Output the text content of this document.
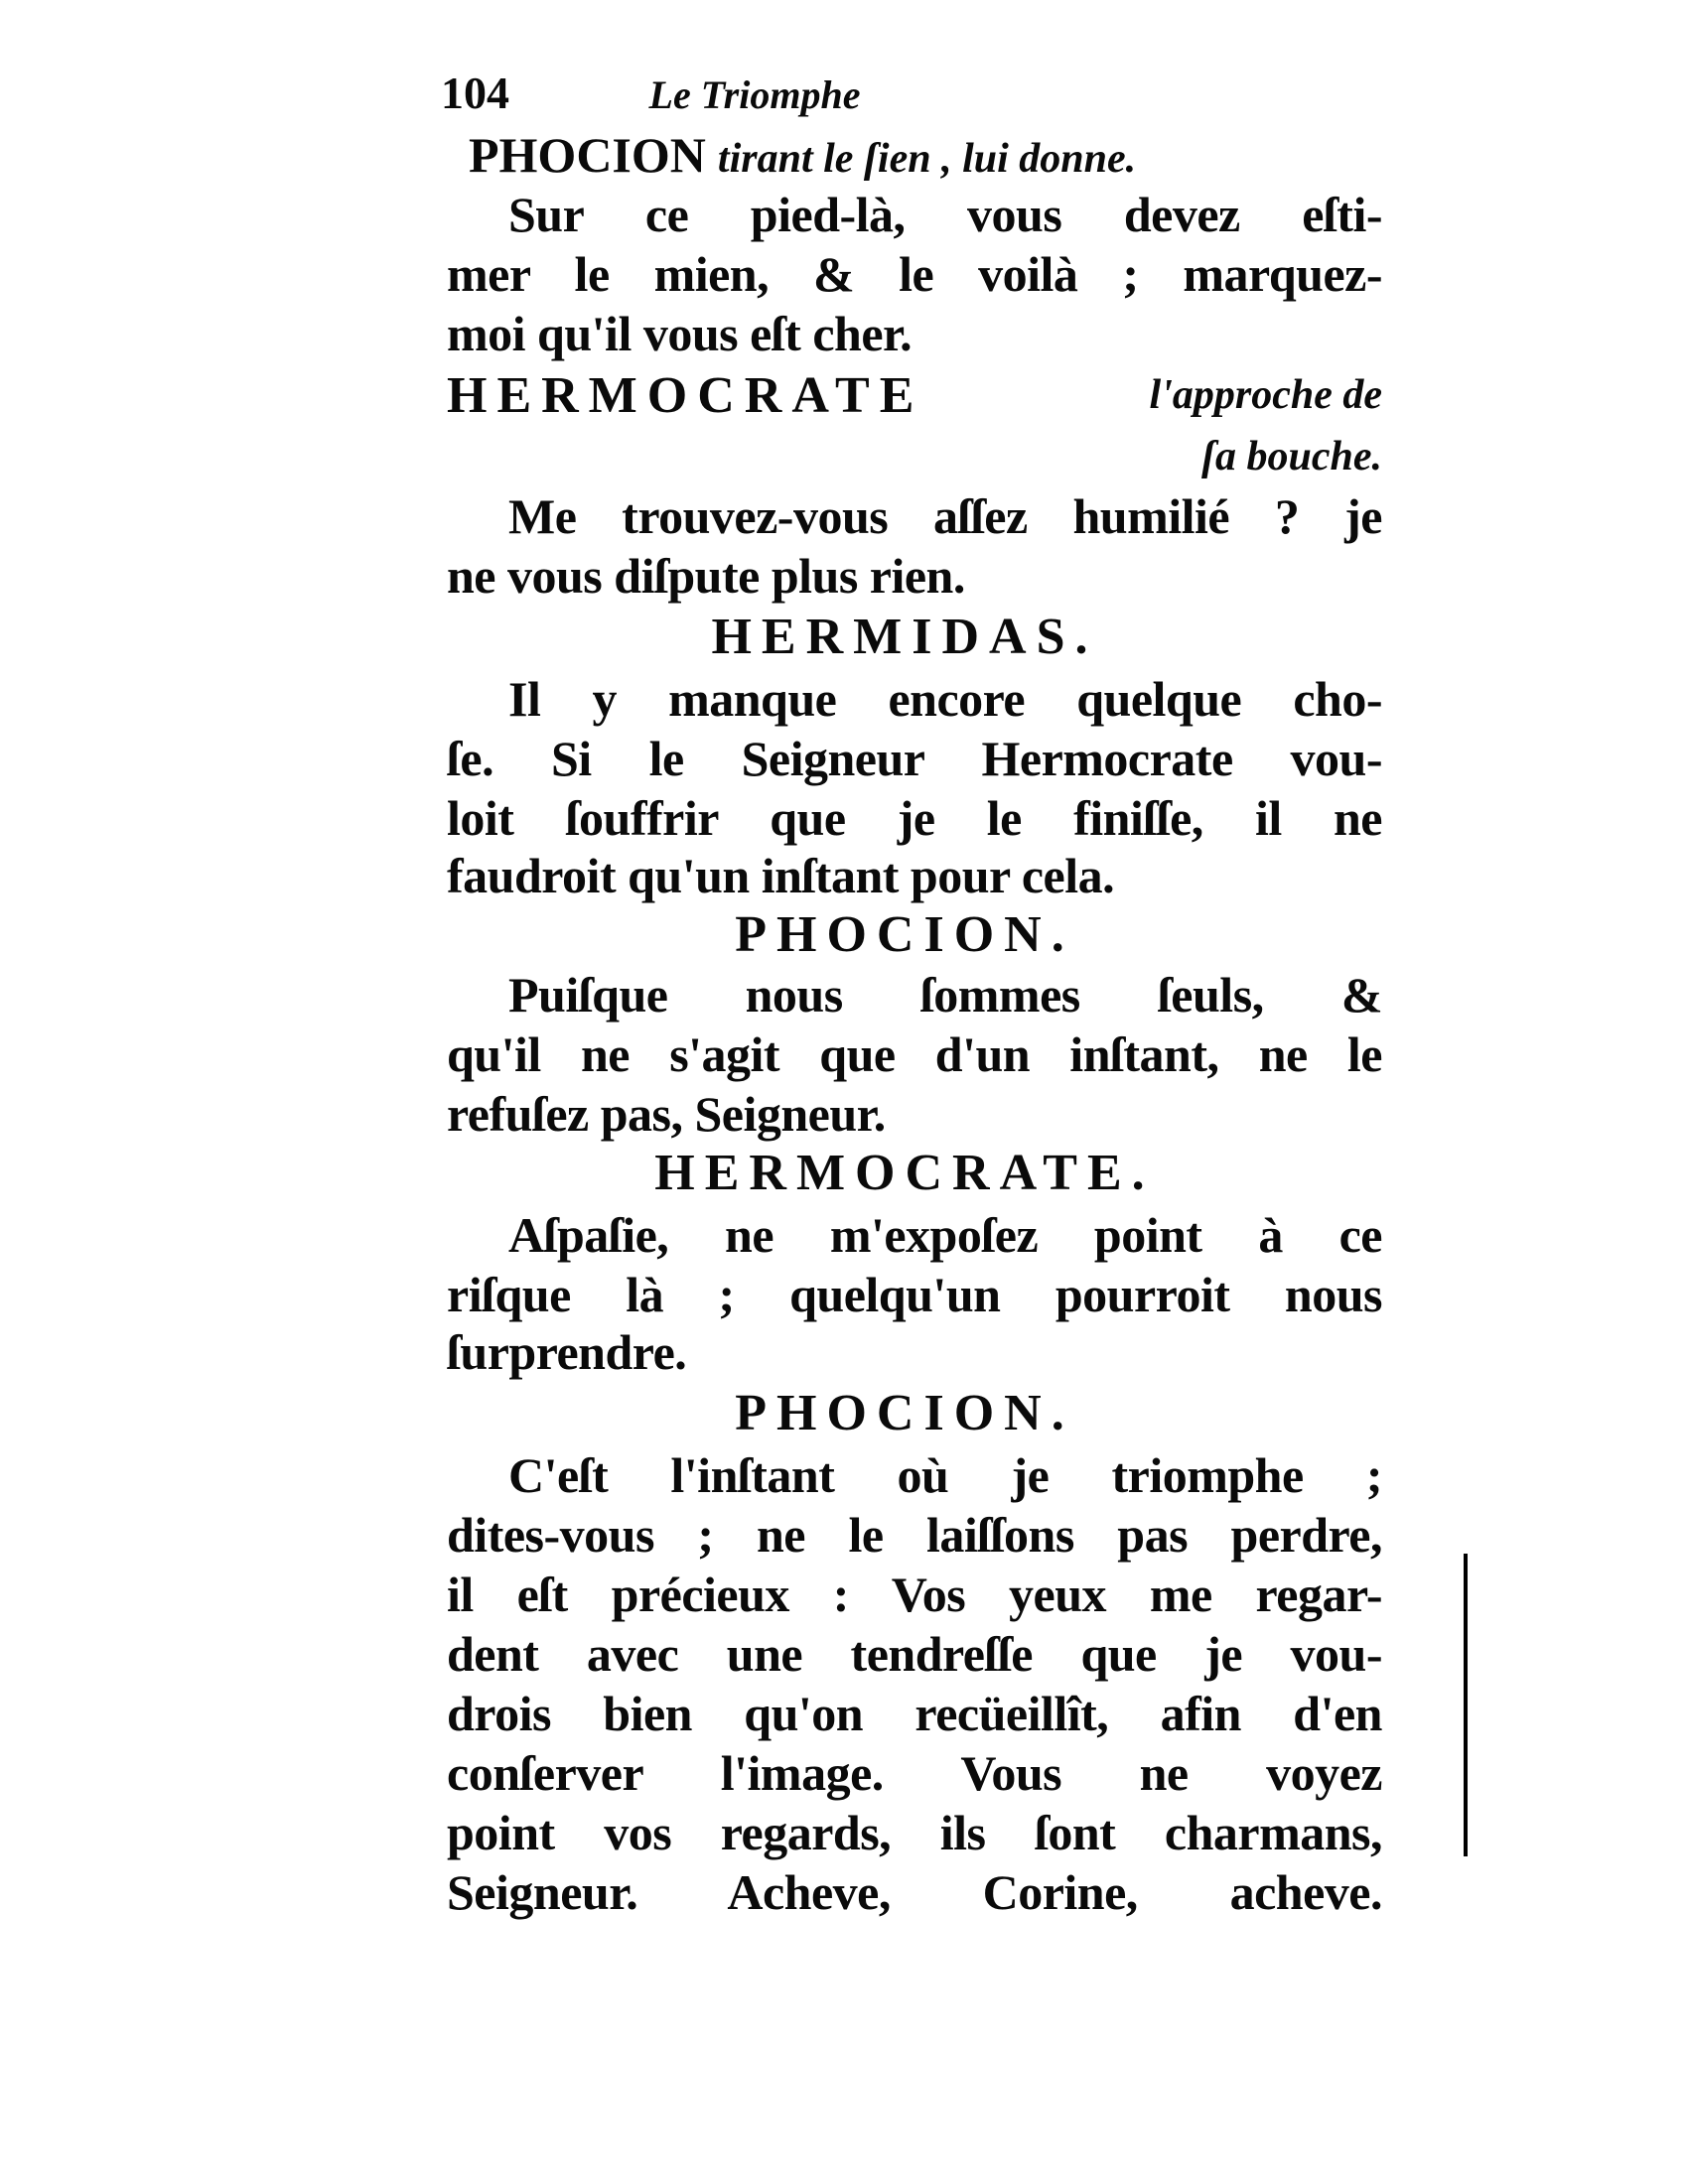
104	Le Triomphe
PHOCION tirant le ſien , lui donne.
Sur ce pied-là, vous devez eſti-
mer le mien, & le voilà ; marquez-
moi qu'il vous eſt cher.
HERMOCRATE	l'approche de
ſa bouche.
Me trouvez-vous aſſez humilié ? je
ne vous diſpute plus rien.
HERMIDAS.
Il y manque encore quelque cho-
ſe. Si le Seigneur Hermocrate vou-
loit ſouffrir que je le finiſſe, il ne
faudroit qu'un inſtant pour cela.
PHOCION.
Puiſque nous ſommes ſeuls, &
qu'il ne s'agit que d'un inſtant, ne le
refuſez pas, Seigneur.
HERMOCRATE.
Aſpaſie, ne m'expoſez point à ce
riſque là ; quelqu'un pourroit nous
ſurprendre.
PHOCION.
C'eſt l'inſtant où je triomphe ;
dites-vous ; ne le laiſſons pas perdre,
il eſt précieux : Vos yeux me regar-
dent avec une tendreſſe que je vou-
drois bien qu'on recüeillît, afin d'en
conſerver l'image. Vous ne voyez
point vos regards, ils ſont charmans,
Seigneur. Acheve, Corine, acheve.
